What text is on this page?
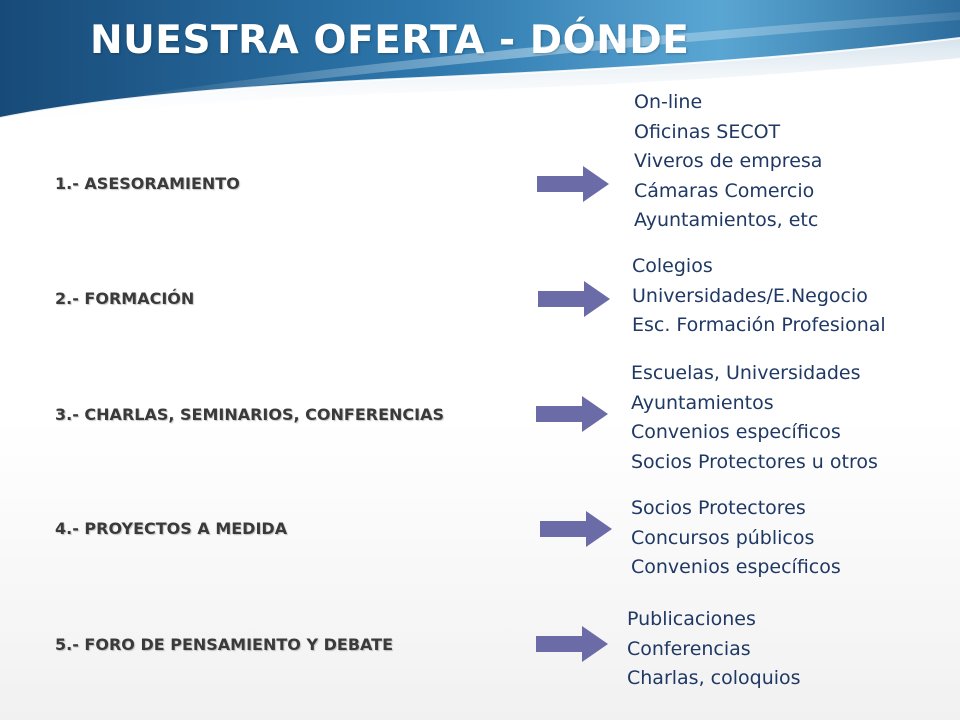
NUESTRA OFERTA - DÓNDE
1.- ASESORAMIENTO
On-line
Oficinas SECOT
Viveros de empresa
Cámaras Comercio
Ayuntamientos, etc
2.- FORMACIÓN
Colegios
Universidades/E.Negocio
Esc. Formación Profesional
3.- CHARLAS, SEMINARIOS, CONFERENCIAS
Escuelas, Universidades
Ayuntamientos
Convenios específicos
Socios Protectores u otros
4.- PROYECTOS A MEDIDA
Socios Protectores
Concursos públicos
Convenios específicos
5.- FORO DE PENSAMIENTO Y DEBATE
Publicaciones
Conferencias
Charlas, coloquios
